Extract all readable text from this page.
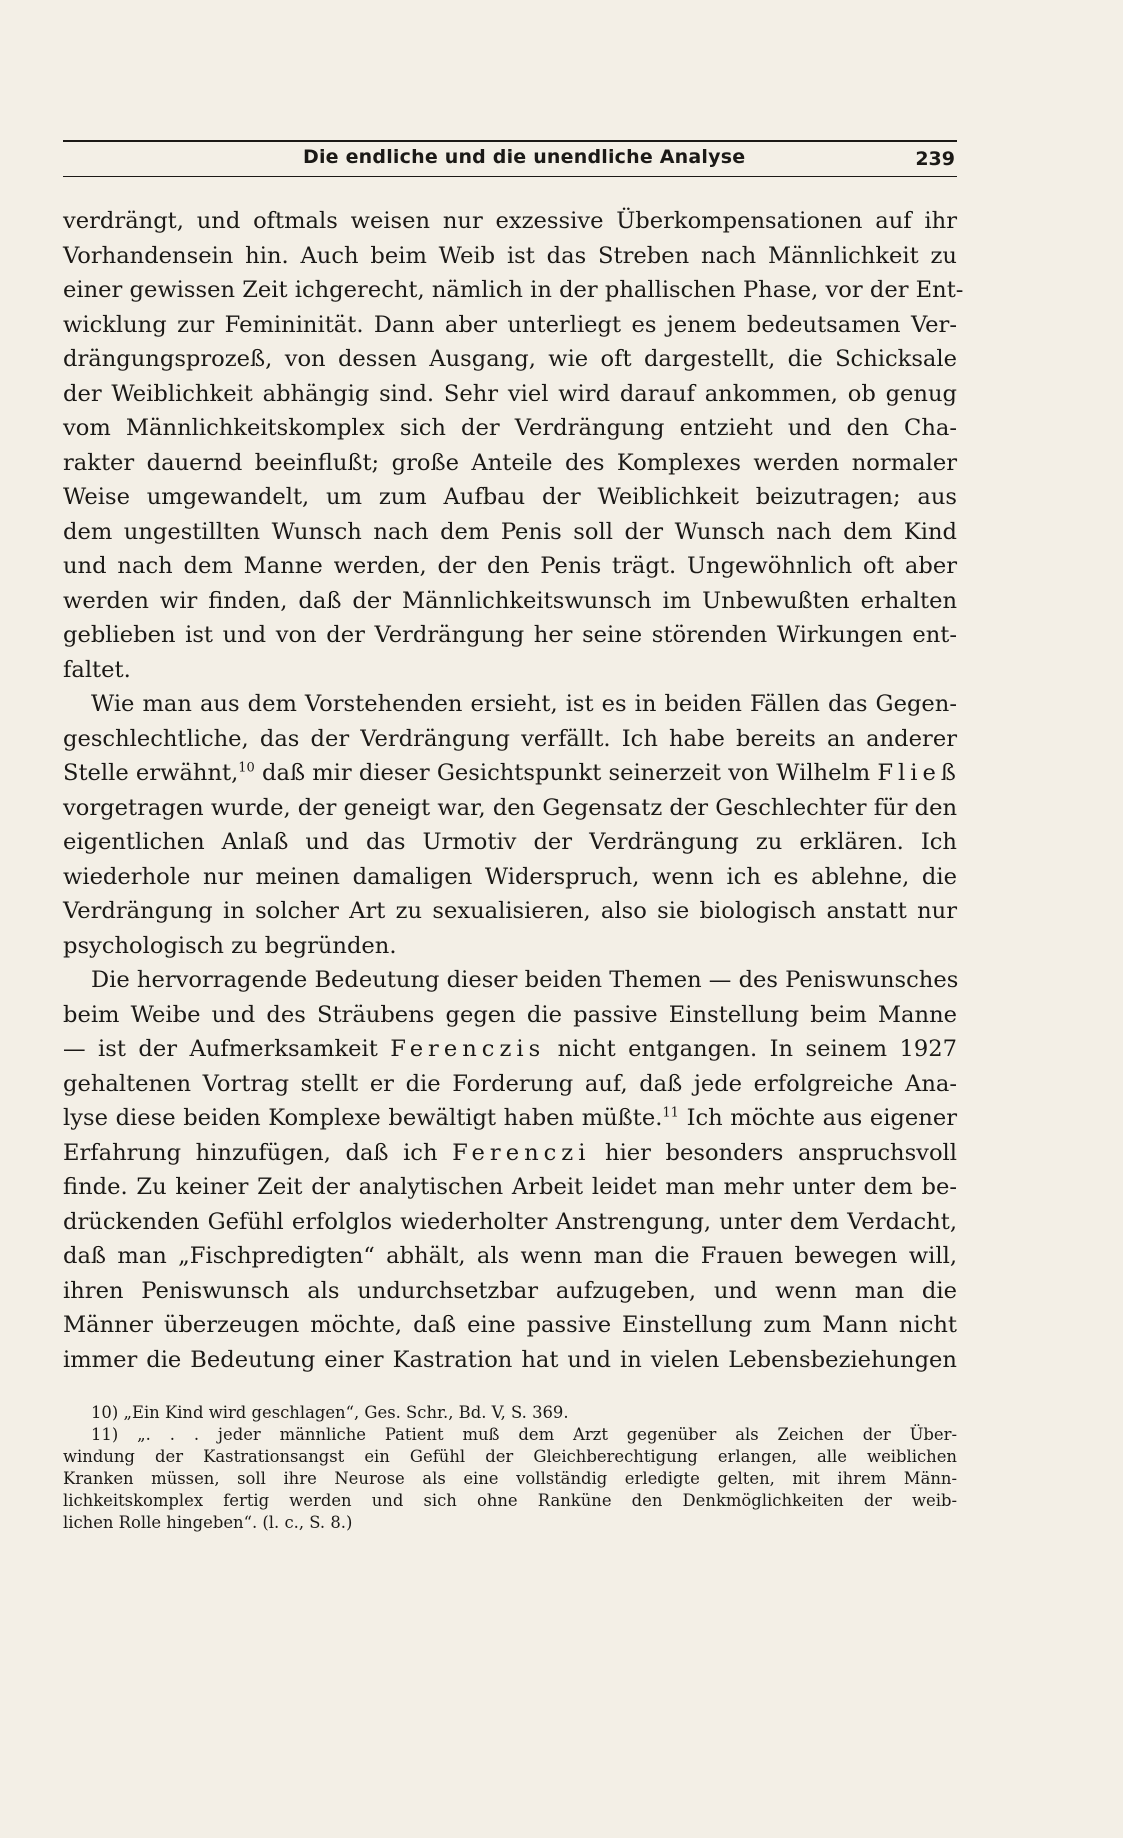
Die endliche und die unendliche Analyse	239
verdrängt, und oftmals weisen nur exzessive Überkompensationen auf ihr
Vorhandensein hin. Auch beim Weib ist das Streben nach Männlichkeit zu
einer gewissen Zeit ichgerecht, nämlich in der phallischen Phase, vor der Ent-
wicklung zur Femininität. Dann aber unterliegt es jenem bedeutsamen Ver-
drängungsprozeß, von dessen Ausgang, wie oft dargestellt, die Schicksale
der Weiblichkeit abhängig sind. Sehr viel wird darauf ankommen, ob genug
vom Männlichkeitskomplex sich der Verdrängung entzieht und den Cha-
rakter dauernd beeinflußt; große Anteile des Komplexes werden normaler
Weise umgewandelt, um zum Aufbau der Weiblichkeit beizutragen; aus
dem ungestillten Wunsch nach dem Penis soll der Wunsch nach dem Kind
und nach dem Manne werden, der den Penis trägt. Ungewöhnlich oft aber
werden wir finden, daß der Männlichkeitswunsch im Unbewußten erhalten
geblieben ist und von der Verdrängung her seine störenden Wirkungen ent-
faltet.
Wie man aus dem Vorstehenden ersieht, ist es in beiden Fällen das Gegen-
geschlechtliche, das der Verdrängung verfällt. Ich habe bereits an anderer
Stelle erwähnt,$^{10}$ daß mir dieser Gesichtspunkt seinerzeit von Wilhelm Fließ
vorgetragen wurde, der geneigt war, den Gegensatz der Geschlechter für den
eigentlichen Anlaß und das Urmotiv der Verdrängung zu erklären. Ich
wiederhole nur meinen damaligen Widerspruch, wenn ich es ablehne, die
Verdrängung in solcher Art zu sexualisieren, also sie biologisch anstatt nur
psychologisch zu begründen.
Die hervorragende Bedeutung dieser beiden Themen — des Peniswunsches
beim Weibe und des Sträubens gegen die passive Einstellung beim Manne
— ist der Aufmerksamkeit Ferenczis nicht entgangen. In seinem 1927
gehaltenen Vortrag stellt er die Forderung auf, daß jede erfolgreiche Ana-
lyse diese beiden Komplexe bewältigt haben müßte.$^{11}$ Ich möchte aus eigener
Erfahrung hinzufügen, daß ich Ferenczi hier besonders anspruchsvoll
finde. Zu keiner Zeit der analytischen Arbeit leidet man mehr unter dem be-
drückenden Gefühl erfolglos wiederholter Anstrengung, unter dem Verdacht,
daß man „Fischpredigten“ abhält, als wenn man die Frauen bewegen will,
ihren Peniswunsch als undurchsetzbar aufzugeben, und wenn man die
Männer überzeugen möchte, daß eine passive Einstellung zum Mann nicht
immer die Bedeutung einer Kastration hat und in vielen Lebensbeziehungen
10) „Ein Kind wird geschlagen“, Ges. Schr., Bd. V, S. 369.
11) „. . . jeder männliche Patient muß dem Arzt gegenüber als Zeichen der Über-
windung der Kastrationsangst ein Gefühl der Gleichberechtigung erlangen, alle weiblichen
Kranken müssen, soll ihre Neurose als eine vollständig erledigte gelten, mit ihrem Männ-
lichkeitskomplex fertig werden und sich ohne Rankünе den Denkmöglichkeiten der weib-
lichen Rolle hingeben“. (l. c., S. 8.)
